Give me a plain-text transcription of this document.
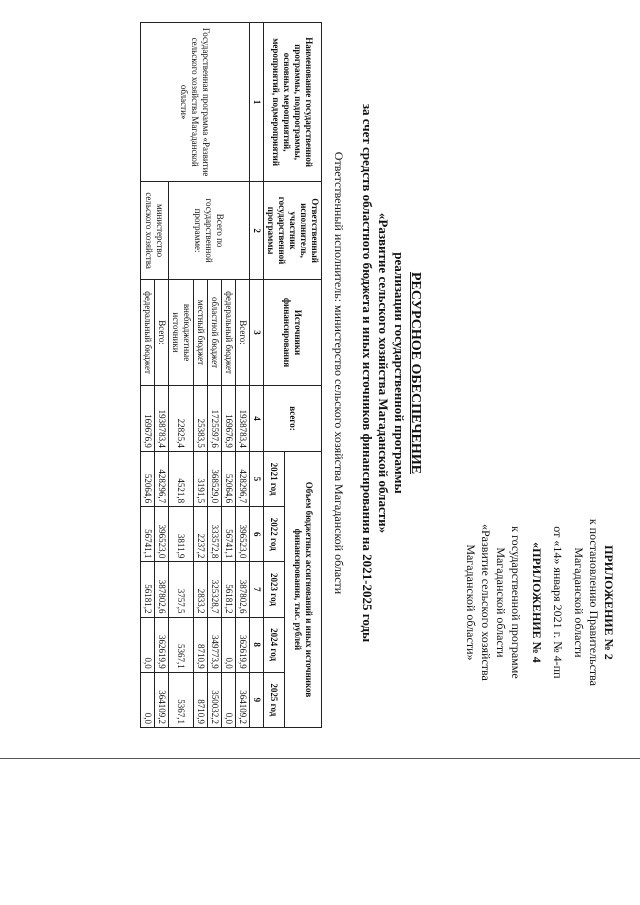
ПРИЛОЖЕНИЕ № 2
к постановлению Правительства
Магаданской области
от «14» января 2021 г. № 4-пп
«ПРИЛОЖЕНИЕ № 4
к государственной программе
Магаданской области
«Развитие сельского хозяйства
Магаданской области»
РЕСУРСНОЕ ОБЕСПЕЧЕНИЕ
реализации государственной программы
«Развитие сельского хозяйства Магаданской области»
за счет средств областного бюджета и иных источников финансирования на 2021-2025 годы
Ответственный исполнитель: министерство сельского хозяйства Магаданской области
Наименование государственной программы, подпрограммы, основных мероприятий, мероприятий, подмероприятий	Ответственный исполнитель, участник государственной программы	Источники финансирования	всего:	Объем бюджетных ассигнований и иных источников финансирования, тыс. рублей				
				2021 год	2022 год	2023 год	2024 год	2025 год
1	2	3	4	5	6	7	8	9
Государственная программа «Развитие сельского хозяйства Магаданской области»	Всего по государственной программе:	Всего:	1938783,4	428296,7	396523,0	387802,6	362619,9	364109,2
		федеральный бюджет	169676,9	52064,6	56741,1	56181,2	0,0	0,0
		областной бюджет	1725597,6	368529,0	333572,8	325328,7	349773,9	350032,2
		местный бюджет	25383,5	3191,5	2237,2	2833,2	8710,9	8710,9
		внебюджетные источники	22825,4	4521,8	3811,9	3757,5	5367,1	5367,1
	министерство сельского хозяйства	Всего:	1938783,4	428296,7	396523,0	387802,6	362619,9	364109,2
		федеральный бюджет	169676,9	52064,6	56741,1	56181,2	0,0	0,0
